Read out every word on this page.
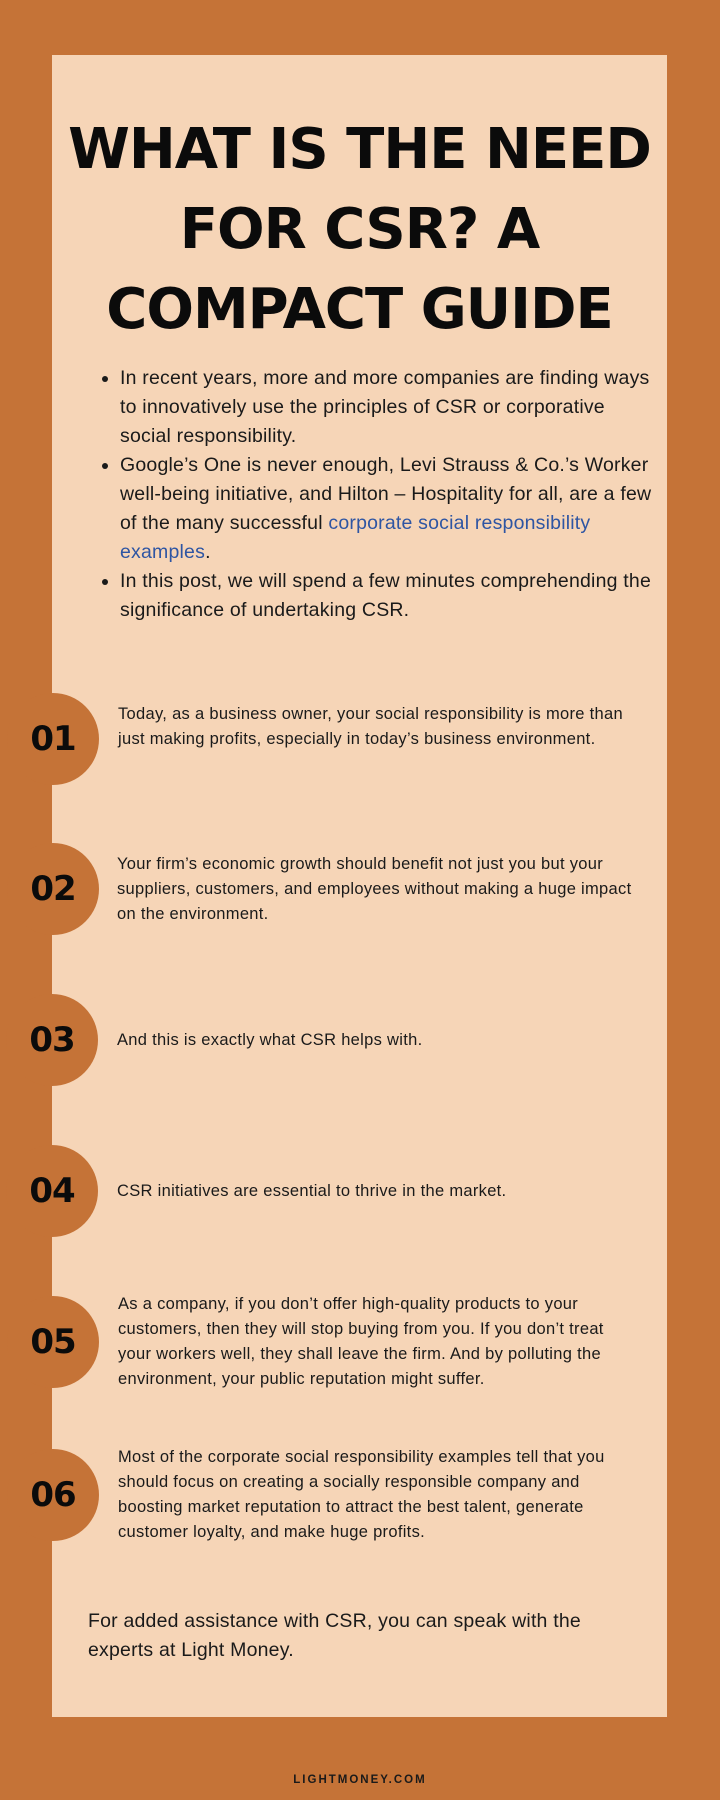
WHAT IS THE NEED FOR CSR? A COMPACT GUIDE
• In recent years, more and more companies are finding ways to innovatively use the principles of CSR or corporative social responsibility.
• Google’s One is never enough, Levi Strauss & Co.’s Worker well-being initiative, and Hilton – Hospitality for all, are a few of the many successful corporate social responsibility examples.
• In this post, we will spend a few minutes comprehending the significance of undertaking CSR.
01

Today, as a business owner, your social responsibility is more than just making profits, especially in today’s business environment.

02

Your firm’s economic growth should benefit not just you but your suppliers, customers, and employees without making a huge impact on the environment.

03	And this is exactly what CSR helps with.

04	CSR initiatives are essential to thrive in the market.

05

As a company, if you don’t offer high-quality products to your customers, then they will stop buying from you. If you don’t treat your workers well, they shall leave the firm. And by polluting the environment, your public reputation might suffer.

06

Most of the corporate social responsibility examples tell that you should focus on creating a socially responsible company and boosting market reputation to attract the best talent, generate customer loyalty, and make huge profits.

For added assistance with CSR, you can speak with the experts at Light Money.

LIGHTMONEY.COM
